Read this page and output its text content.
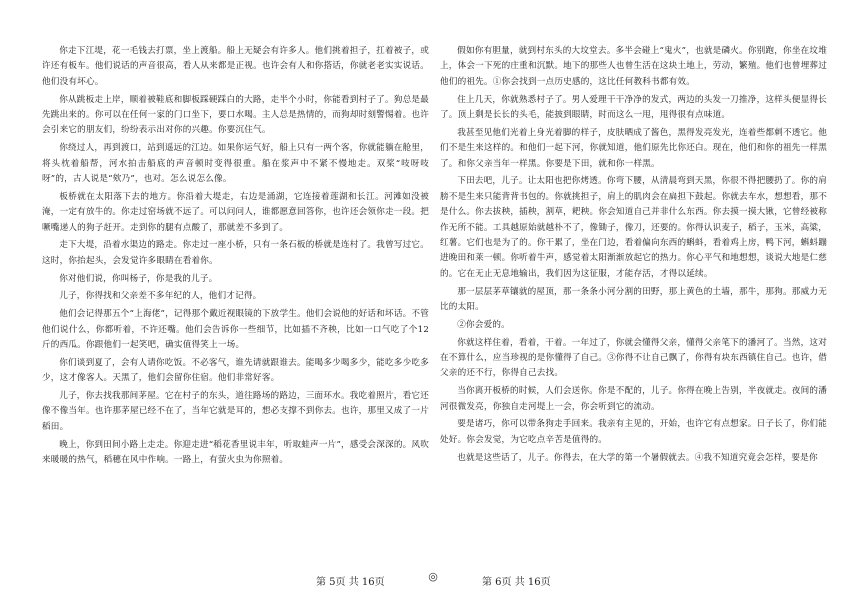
你走下江堤，花一毛钱去打票，坐上渡船。船上无疑会有许多人。他们挑着担子，扛着被子，或许还有板车。他们说话的声音很高，看人从来都是正视。也许会有人和你搭话，你就老老实实说话。他们没有坏心。

你从跳板走上岸，顺着被鞋底和脚板踩硬踩白的大路，走半个小时，你能看到村子了。狗总是最先跳出来的。你可以在任何一家的门口坐下，要口水喝。主人总是热情的，而狗却时刻警惕着。也许会引来它的朋友们，纷纷表示出对你的兴趣。你要沉住气。

你绕过人，再到渡口，站到遥远的江边。如果你运气好，船上只有一两个客，你就能躺在舱里，将头枕着船帮，河水拍击船底的声音顿时变得很重。船在浆声中不紧不慢地走。双桨“吱呀吱呀”的，古人说是“欸乃”，也对。怎么说怎么像。

板桥就在太阳落下去的地方。你沿着大堤走，右边是涌湖，它连接着莲湖和长江。河滩如没被淹，一定有放牛的。你走过窑场就不远了。可以问问人，谁都愿意回答你，也许还会领你走一段。把噘嘴递人的狗子赶开。走到你的腿有点酸了，那就差不多到了。

走下大堤，沿着水渠边的路走。你走过一座小桥，只有一条石板的桥就是连村了。我曾写过它。这时，你抬起头，会发觉许多眼睛在看着你。

你对他们说，你叫杨子，你是我的儿子。

儿子，你得找和父亲差不多年纪的人，他们才记得。

他们会记得那五个“上海佬”，记得那个戴近视眼镜的下放学生。他们会说他的好话和坏话。不管他们说什么，你都听着，不许还嘴。他们会告诉你一些细节，比如插不齐秧，比如一口气吃了个12斤的西瓜。你跟他们一起笑吧，确实值得笑上一场。

你们谈到夏了，会有人请你吃饭。不必客气，谁先请就跟谁去。能喝多少喝多少，能吃多少吃多少，这才像客人。天黑了，他们会留你住宿。他们非常好客。

儿子，你去找我那间茅屋。它在村子的东头，道往路场的路边，三面环水。我吃着照片，看它还像不像当年。也许那茅屋已经不在了，当年它就是耳的，想必支撑不到你去。也许，那里又成了一片稻田。

晚上，你到田间小路上走走。你迎走进“稻花香里说丰年，听取蛙声一片”，感受会深深的。风吹来暖暖的热气，稻穗在风中作响。一路上，有萤火虫为你照着。

假如你有胆量，就到村东头的大坟堂去。多半会碰上“鬼火”，也就是磷火。你别跑，你坐在坟堆上，体会一下死的庄重和沉默。地下的那些人也曾生活在这块土地上，劳动，繁殖。他们也曾埋葬过他们的祖先。①你会找到一点历史感的，这比任何教科书都有效。

住上几天，你就熟悉村子了。男人爱理干干净净的发式，两边的头发一刀推净，这样头便显得长了。顶上剩是长长的头毛，能披到眼睛，时而这么一甩，甩得很有点味道。

我甚至见他们光着上身光着脚的样子，皮肤晒成了酱色，黑得发亮发光，连着些都刺不透它。他们不是生来这样的。和他们一起下河，你就知道，他们原先比你还白。现在，他们和你的祖先一样黑了。和你父亲当年一样黑。你要是下田，就和你一样黑。

下田去吧，儿子。让太阳也把你烤透。你弯下腰，从清晨弯到天黑，你很不得把腰扔了。你的肩膀不是生来只能背背书包的。你就挑担子，肩上的肌肉会在扁担下鼓起。你就去车水，想想看，那不是什么。你去拔秧，插秧，割草，耙秧。你会知道自己并非什么东西。你去摸一摸大锹，它曾经被称作无所不能。工具越原始就越朴不了，像锄子，像刀，还要的。你得认识麦子，稻子，玉米，高粱，红薯。它们也是为了的。你干累了，坐在门边，看着偏向东西的蝌蚪，看着鸡上房，鸭下河，蝌蚪蹦进晚田和莱一顿。你听着牛声，感觉着太阳渐渐放起它的热力。你心平气和地想想，谈说大地是仁慈的。它在无止无息地输出，我们因为这征服，才能存活，才得以延续。

那一层层茅草镶就的屋顶，那一条条小河分割的田野，那上黄色的土墙，那牛，那狗。那威力无比的太阳。

②你会爱的。

你就这样住着，看着，干着。一年过了，你就会懂得父亲，懂得父亲笔下的潘河了。当然，这对在不算什么，应当珍视的是你懂得了自己。③你得不让自己飘了，你得有块东西镇住自己。也许，借父亲的还不行，你得自己去找。

当你离开板桥的时候，人们会送你。你是不配的，儿子。你得在晚上告别，半夜就走。夜间的潘河很微发亮，你独自走河堤上一会，你会听到它的流动。

要是诸巧，你可以带条狗走手回来。我亲有主见的，开始，也许它有点想家。日子长了，你们能处好。你会发觉，为它吃点辛苦是值得的。

也就是这些话了，儿子。你得去，在大学的第一个暑假就去。④我不知道究竟会怎样，要是你

第 5页 共 16页	◎	第 6页 共 16页
